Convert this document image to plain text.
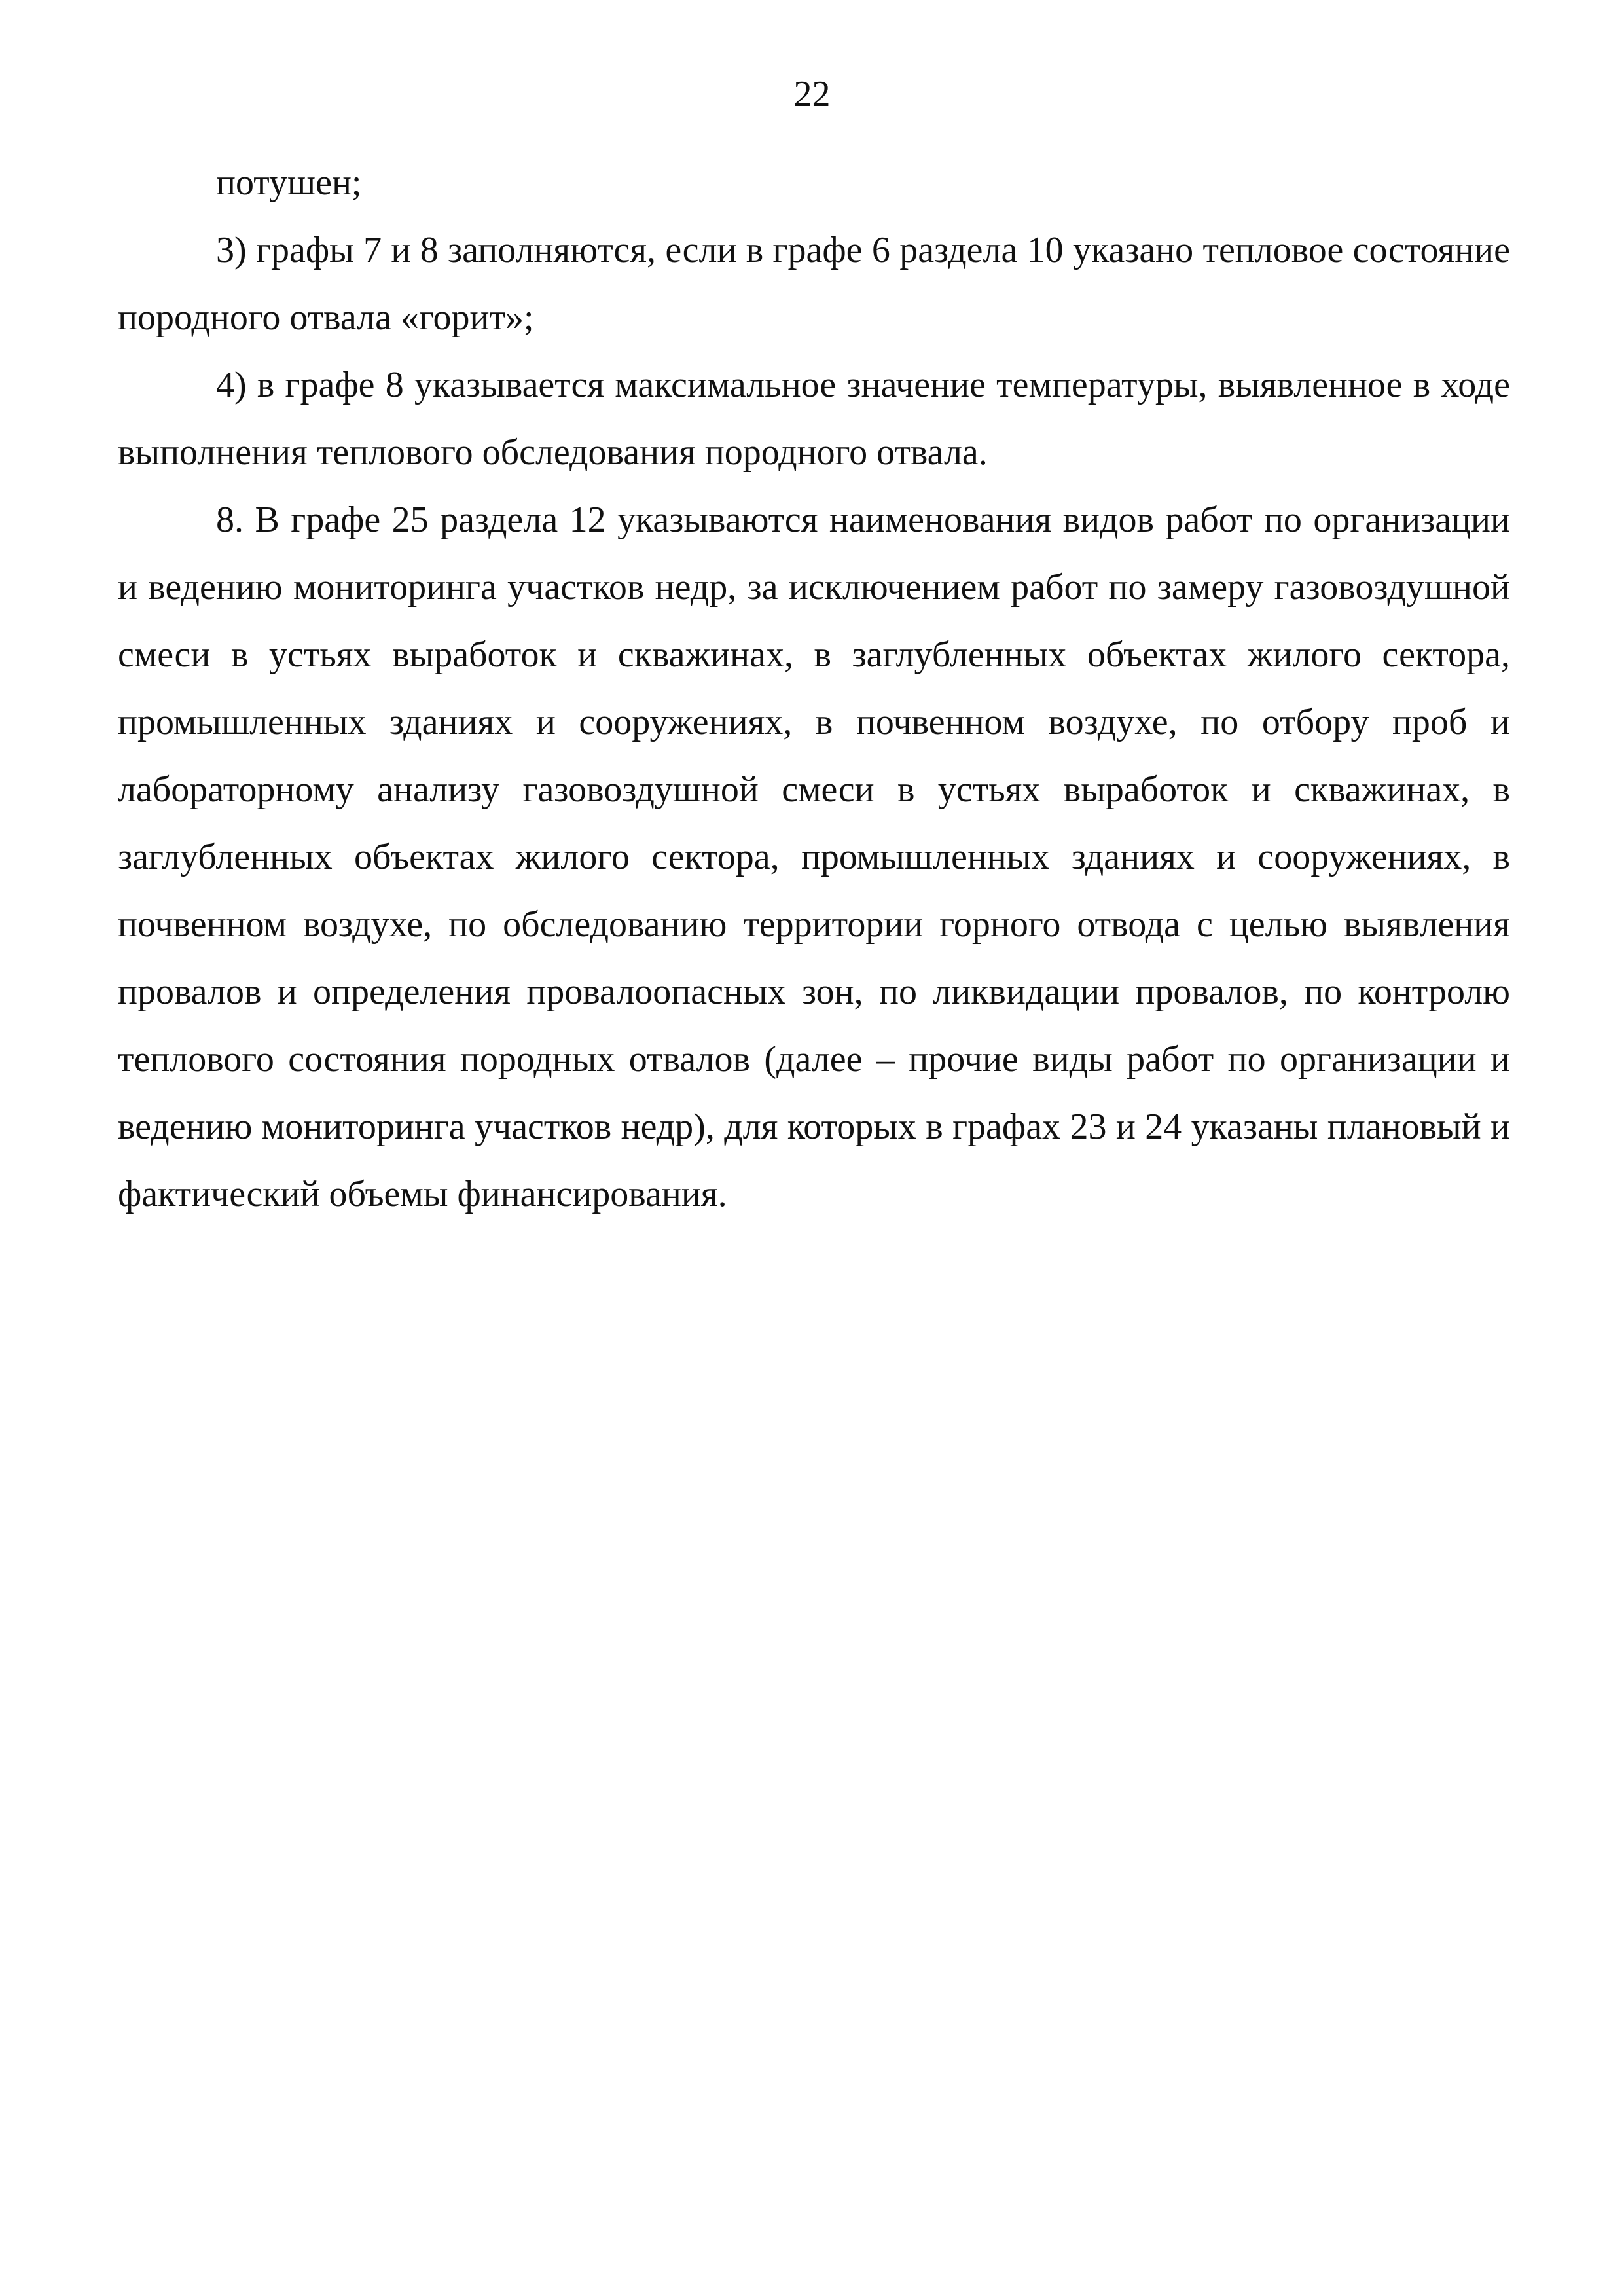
22

потушен;

3) графы 7 и 8 заполняются, если в графе 6 раздела 10 указано тепловое состояние породного отвала «горит»;

4) в графе 8 указывается максимальное значение температуры, выявленное в ходе выполнения теплового обследования породного отвала.

8. В графе 25 раздела 12 указываются наименования видов работ по организации и ведению мониторинга участков недр, за исключением работ по замеру газовоздушной смеси в устьях выработок и скважинах, в заглубленных объектах жилого сектора, промышленных зданиях и сооружениях, в почвенном воздухе, по отбору проб и лабораторному анализу газовоздушной смеси в устьях выработок и скважинах, в заглубленных объектах жилого сектора, промышленных зданиях и сооружениях, в почвенном воздухе, по обследованию территории горного отвода с целью выявления провалов и определения провалоопасных зон, по ликвидации провалов, по контролю теплового состояния породных отвалов (далее – прочие виды работ по организации и ведению мониторинга участков недр), для которых в графах 23 и 24 указаны плановый и фактический объемы финансирования.
